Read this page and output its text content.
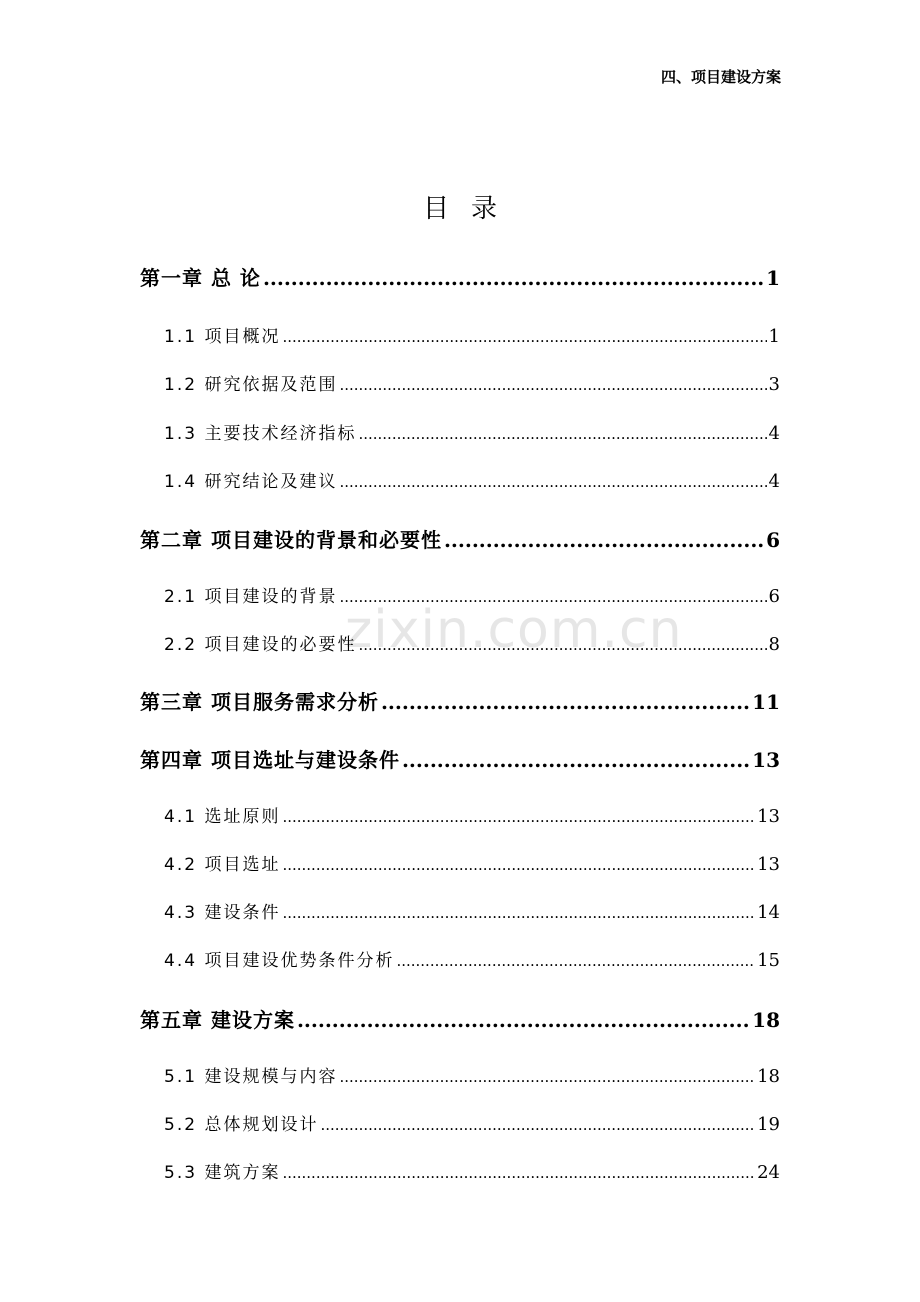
四、项目建设方案
目录
zixin.com.cn
第一章 总 论 .....	1
1.1 项目概况 .....	1
1.2 研究依据及范围 .....	3
1.3 主要技术经济指标 .....	4
1.4 研究结论及建议 .....	4
第二章 项目建设的背景和必要性 .....	6
2.1 项目建设的背景 .....	6
2.2 项目建设的必要性 .....	8
第三章 项目服务需求分析 .....	11
第四章 项目选址与建设条件 .....	13
4.1 选址原则 .....	13
4.2 项目选址 .....	13
4.3 建设条件 .....	14
4.4 项目建设优势条件分析 .....	15
第五章 建设方案 .....	18
5.1 建设规模与内容 .....	18
5.2 总体规划设计 .....	19
5.3 建筑方案 .....	24
